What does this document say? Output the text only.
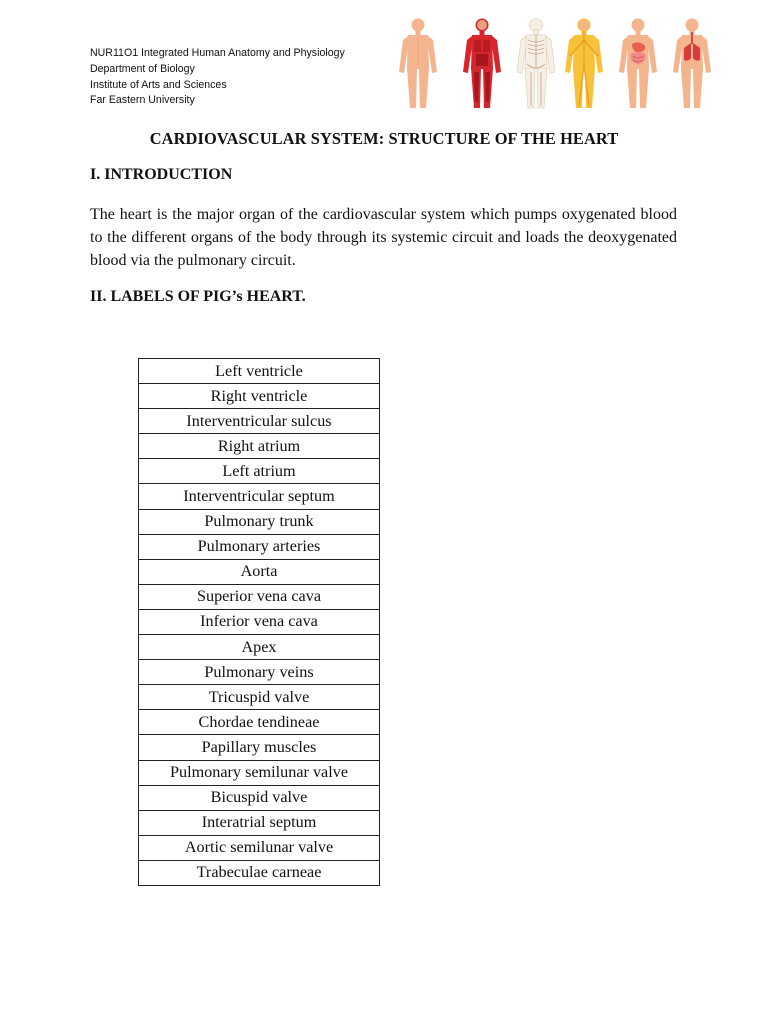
NUR11O1 Integrated Human Anatomy and Physiology
Department of Biology
Institute of Arts and Sciences
Far Eastern University
CARDIOVASCULAR SYSTEM: STRUCTURE OF THE HEART
I. INTRODUCTION
The heart is the major organ of the cardiovascular system which pumps oxygenated blood to the different organs of the body through its systemic circuit and loads the deoxygenated blood via the pulmonary circuit.
II. LABELS OF PIG’s HEART.
Left ventricle
Right ventricle
Interventricular sulcus
Right atrium
Left atrium
Interventricular septum
Pulmonary trunk
Pulmonary arteries
Aorta
Superior vena cava
Inferior vena cava
Apex
Pulmonary veins
Tricuspid valve
Chordae tendineae
Papillary muscles
Pulmonary semilunar valve
Bicuspid valve
Interatrial septum
Aortic semilunar valve
Trabeculae carneae
